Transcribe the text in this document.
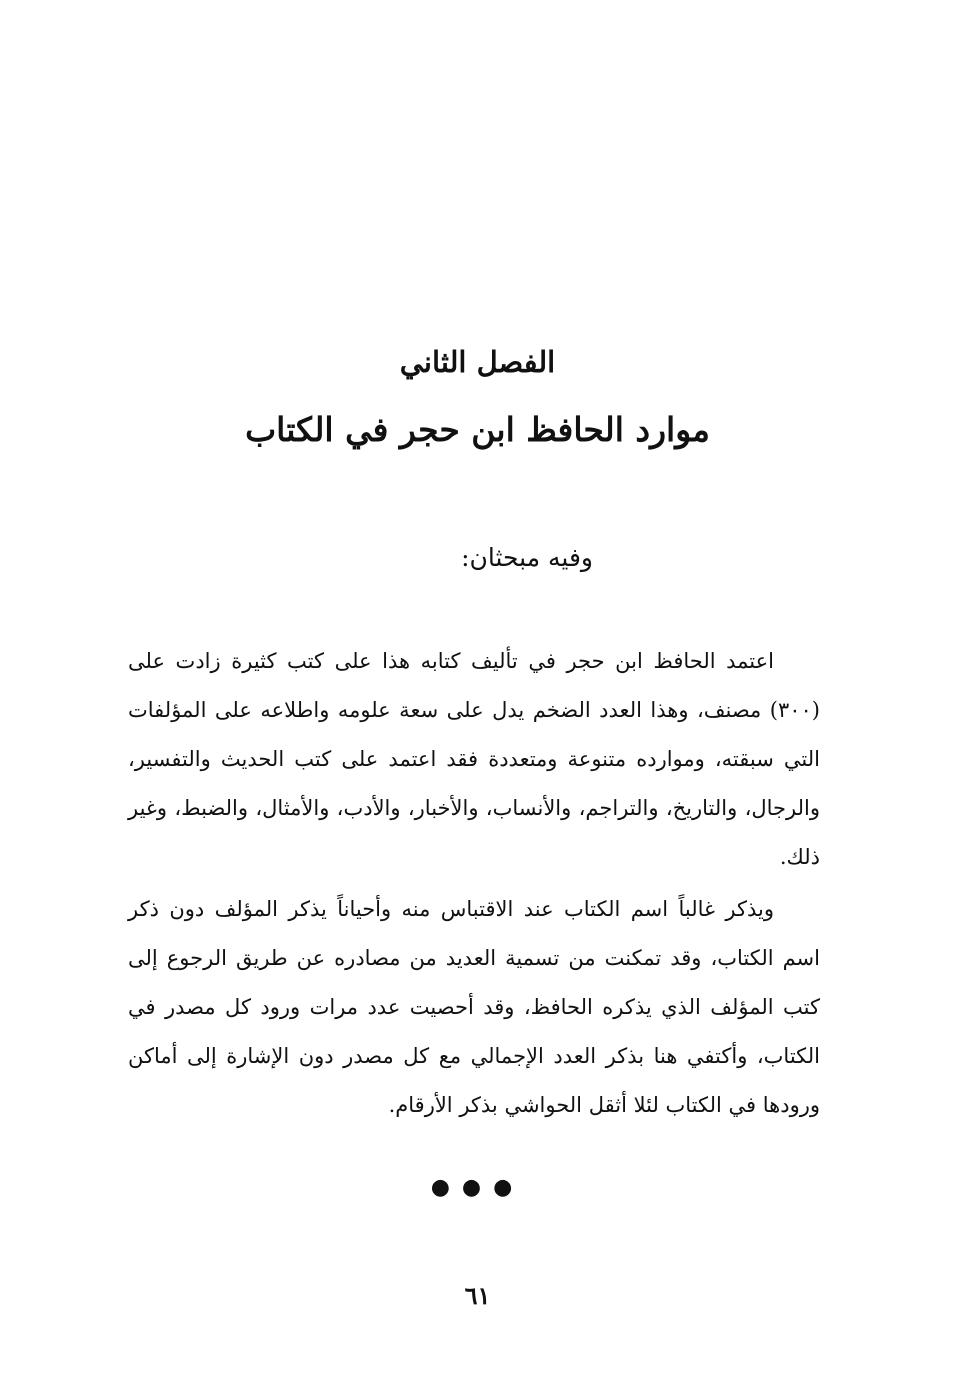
الفصل الثاني
موارد الحافظ ابن حجر في الكتاب
وفيه مبحثان:

اعتمد الحافظ ابن حجر في تأليف كتابه هذا على كتب كثيرة زادت على (٣٠٠) مصنف، وهذا العدد الضخم يدل على سعة علومه واطلاعه على المؤلفات التي سبقته، وموارده متنوعة ومتعددة فقد اعتمد على كتب الحديث والتفسير، والرجال، والتاريخ، والتراجم، والأنساب، والأخبار، والأدب، والأمثال، والضبط، وغير ذلك.

ويذكر غالباً اسم الكتاب عند الاقتباس منه وأحياناً يذكر المؤلف دون ذكر اسم الكتاب، وقد تمكنت من تسمية العديد من مصادره عن طريق الرجوع إلى كتب المؤلف الذي يذكره الحافظ، وقد أحصيت عدد مرات ورود كل مصدر في الكتاب، وأكتفي هنا بذكر العدد الإجمالي مع كل مصدر دون الإشارة إلى أماكن ورودها في الكتاب لئلا أثقل الحواشي بذكر الأرقام.

●●●
٦١
